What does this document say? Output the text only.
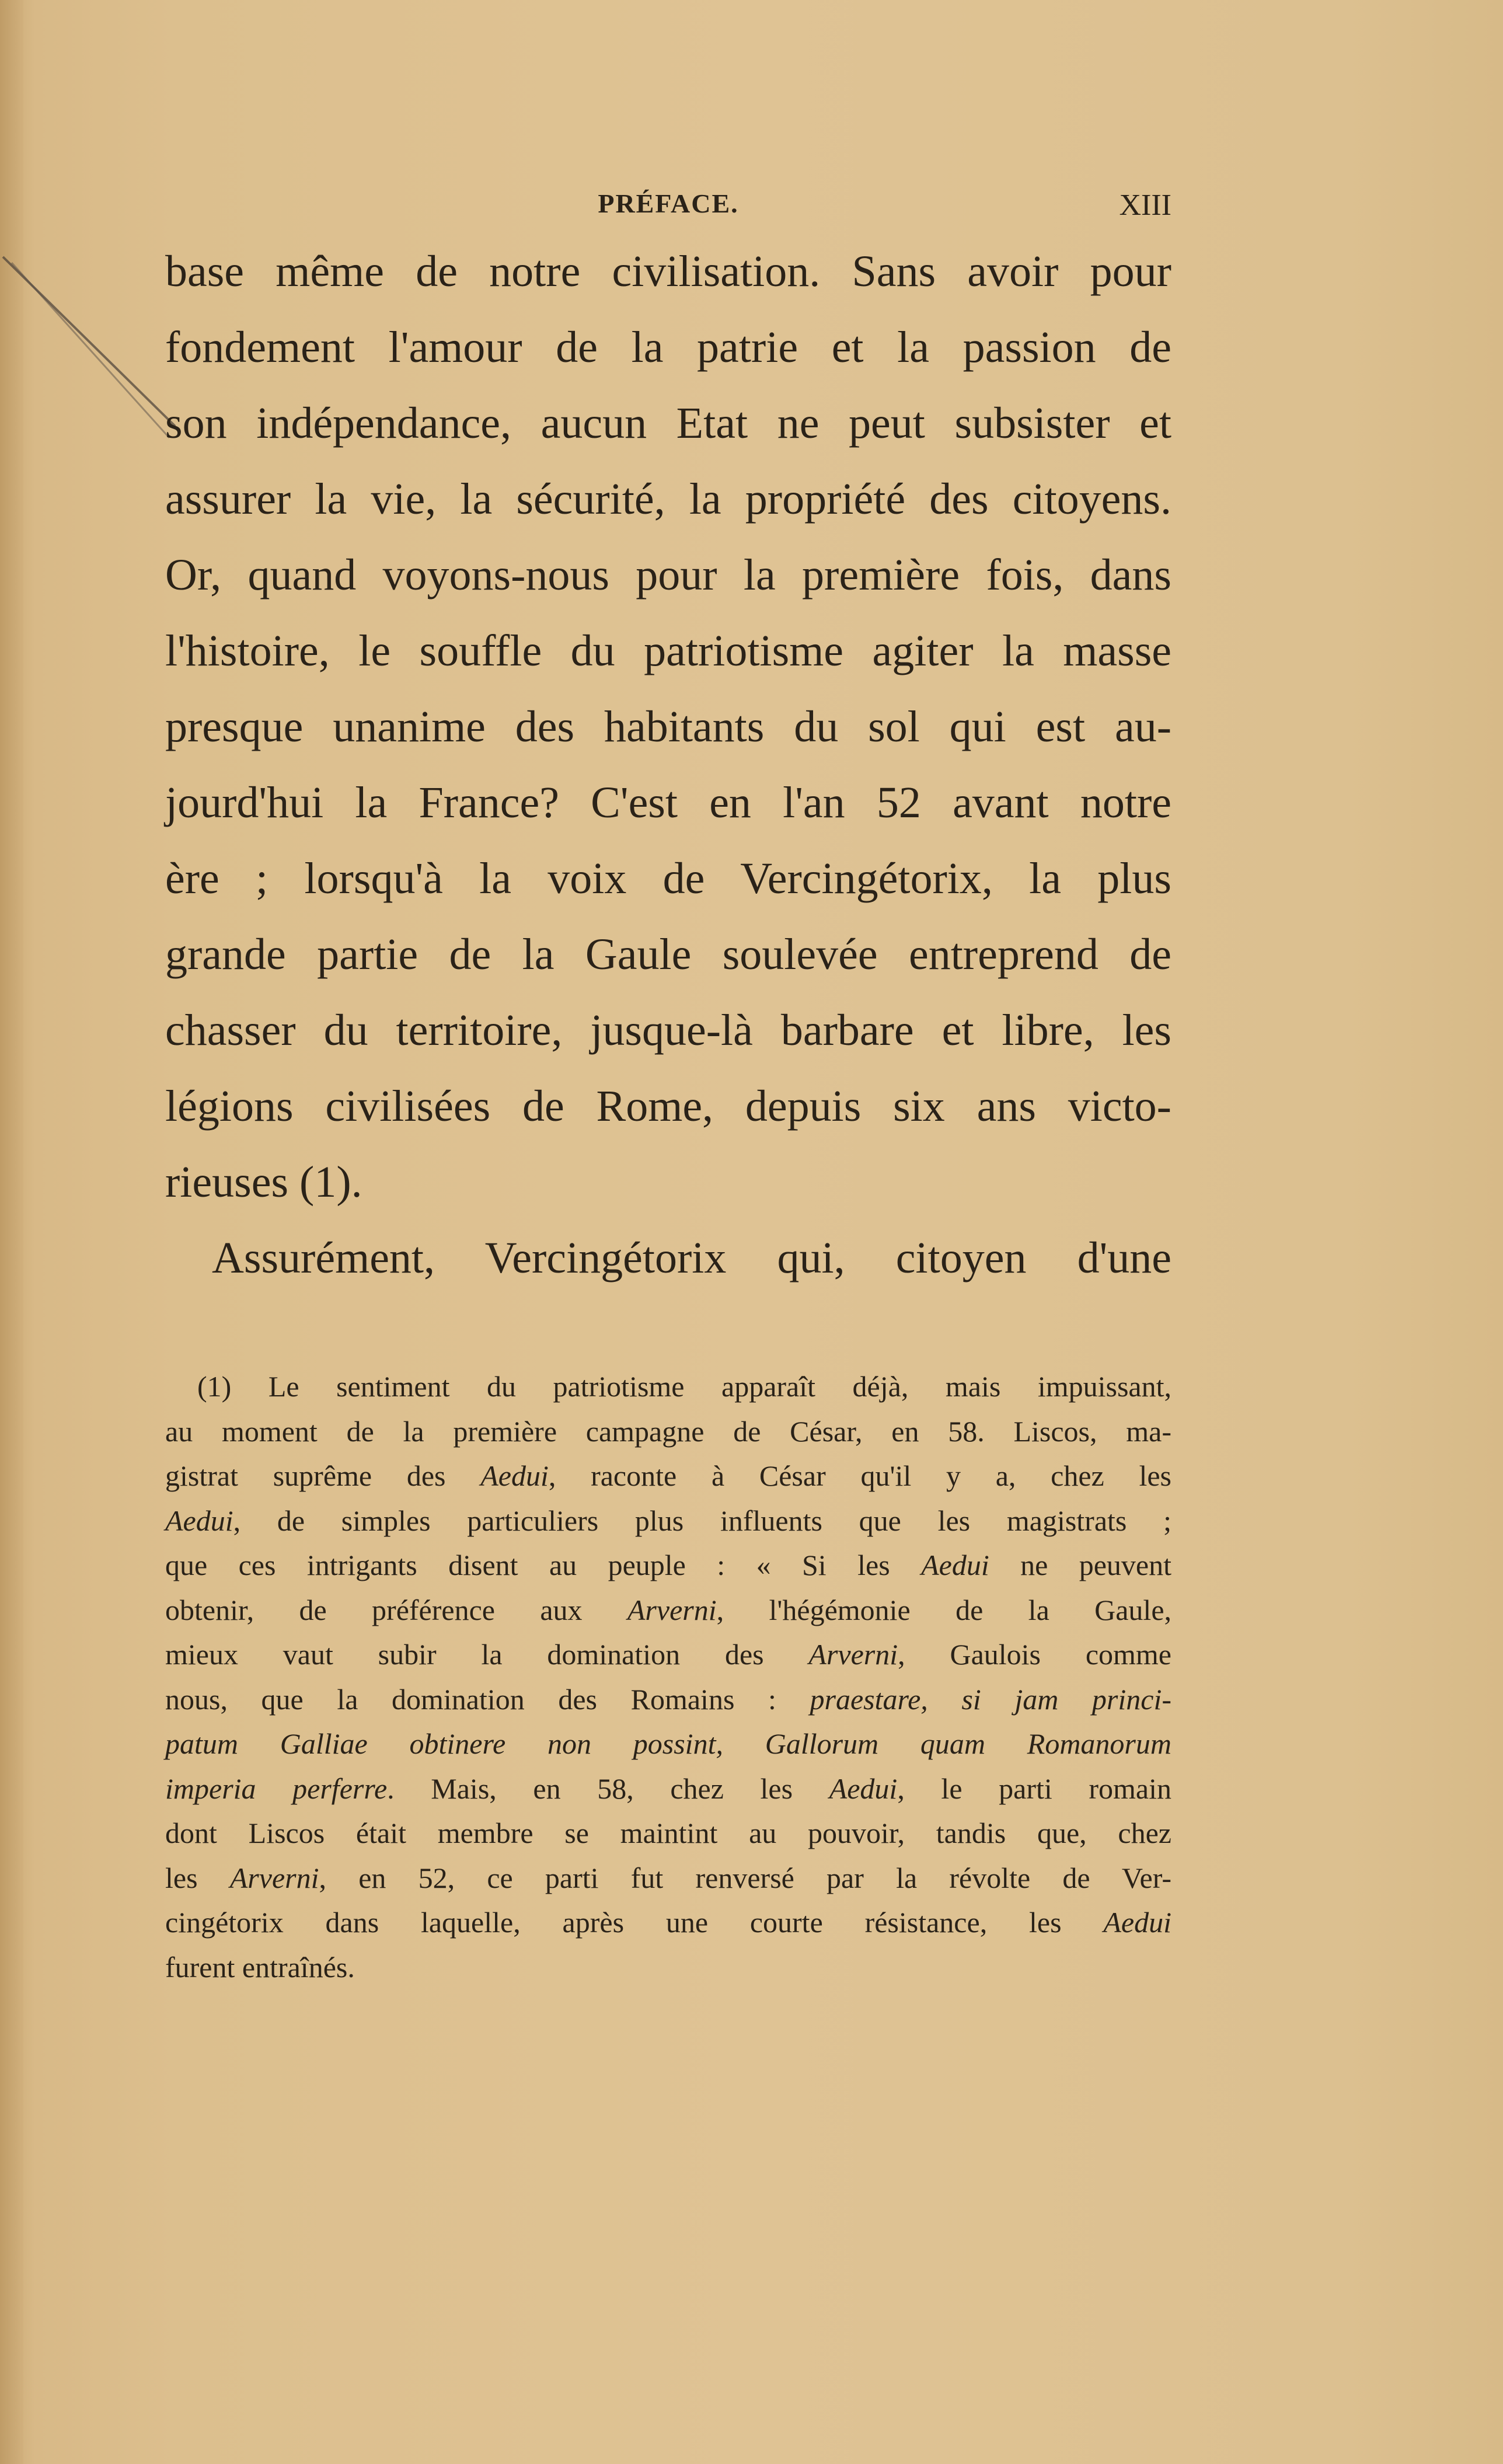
PRÉFACE.	XIII
base même de notre civilisation. Sans avoir pour
fondement l'amour de la patrie et la passion de
son indépendance, aucun Etat ne peut subsister et
assurer la vie, la sécurité, la propriété des citoyens.
Or, quand voyons-nous pour la première fois, dans
l'histoire, le souffle du patriotisme agiter la masse
presque unanime des habitants du sol qui est au-
jourd'hui la France? C'est en l'an 52 avant notre
ère ; lorsqu'à la voix de Vercingétorix, la plus
grande partie de la Gaule soulevée entreprend de
chasser du territoire, jusque-là barbare et libre, les
légions civilisées de Rome, depuis six ans victo-
rieuses (1).
Assurément, Vercingétorix qui, citoyen d'une
(1) Le sentiment du patriotisme apparaît déjà, mais impuissant,
au moment de la première campagne de César, en 58. Liscos, ma-
gistrat suprême des Aedui, raconte à César qu'il y a, chez les
Aedui, de simples particuliers plus influents que les magistrats ;
que ces intrigants disent au peuple : « Si les Aedui ne peuvent
obtenir, de préférence aux Arverni, l'hégémonie de la Gaule,
mieux vaut subir la domination des Arverni, Gaulois comme
nous, que la domination des Romains : praestare, si jam princi-
patum Galliae obtinere non possint, Gallorum quam Romanorum
imperia perferre. Mais, en 58, chez les Aedui, le parti romain
dont Liscos était membre se maintint au pouvoir, tandis que, chez
les Arverni, en 52, ce parti fut renversé par la révolte de Ver-
cingétorix dans laquelle, après une courte résistance, les Aedui
furent entraînés.
